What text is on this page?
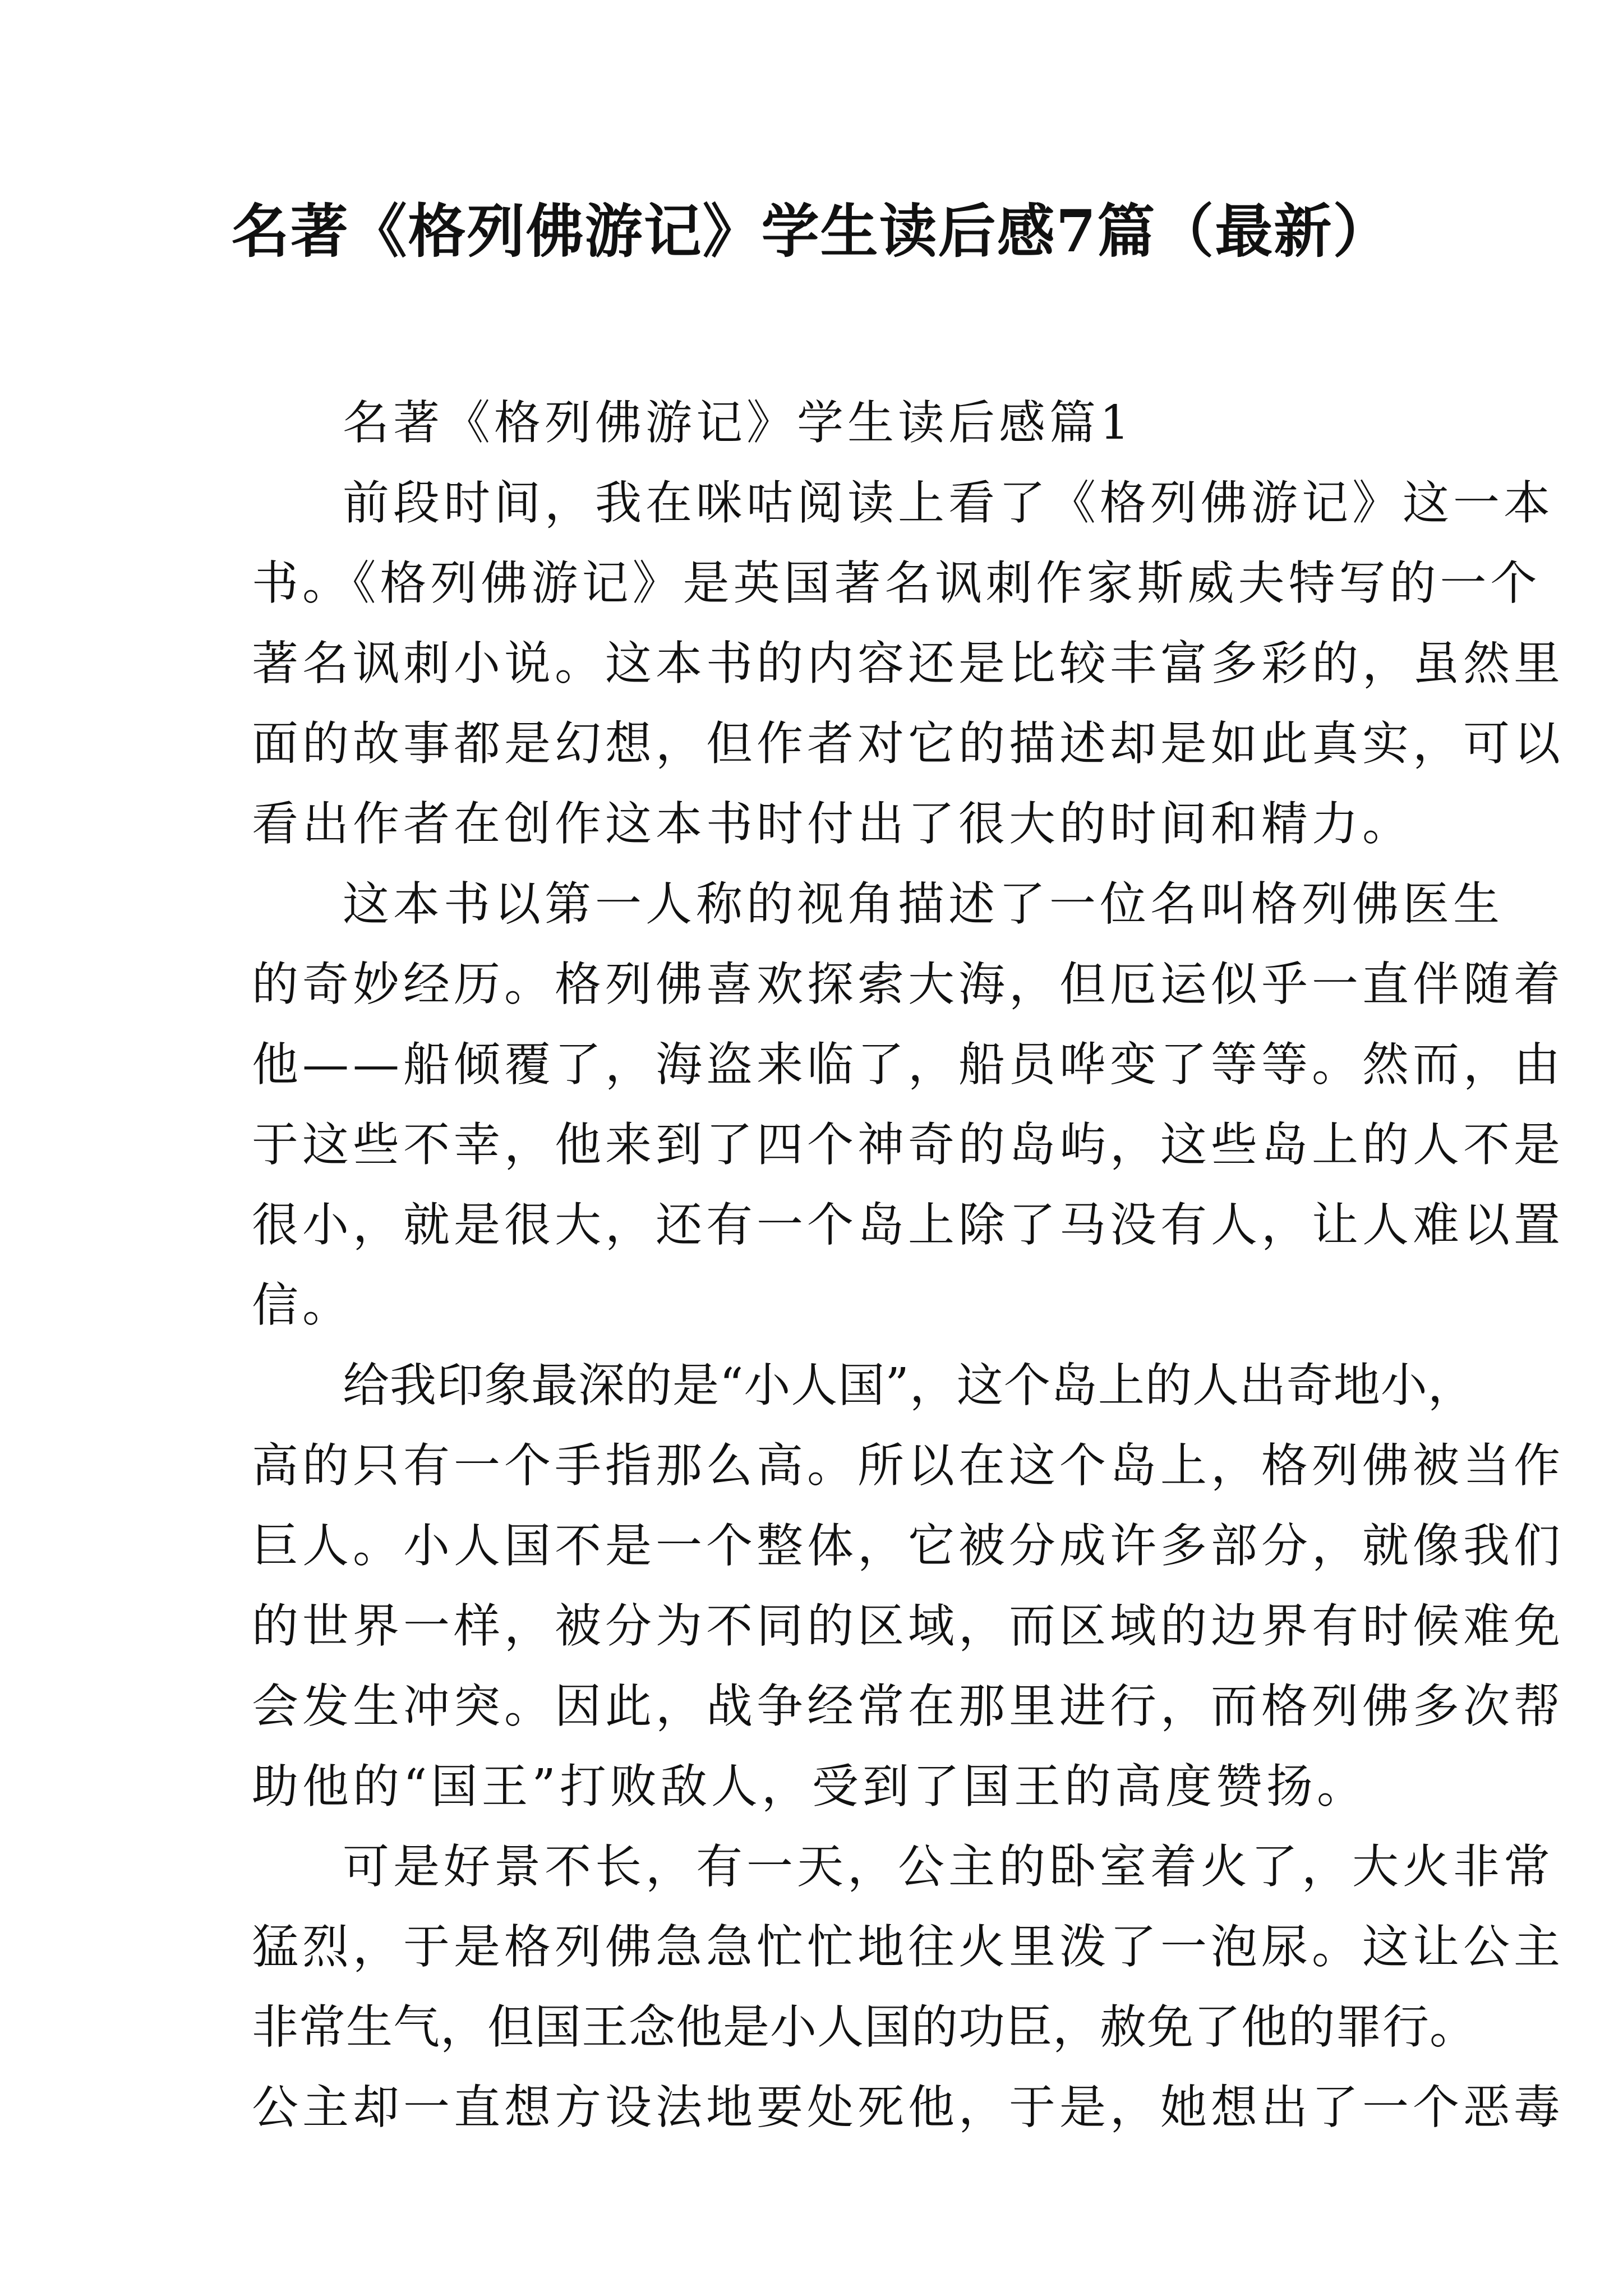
名著《格列佛游记》学生读后感7篇（最新）
名著《格列佛游记》学生读后感篇1
前段时间，我在咪咕阅读上看了《格列佛游记》这一本
书。《格列佛游记》是英国著名讽刺作家斯威夫特写的一个
著名讽刺小说。这本书的内容还是比较丰富多彩的，虽然里
面的故事都是幻想，但作者对它的描述却是如此真实，可以
看出作者在创作这本书时付出了很大的时间和精力。
这本书以第一人称的视角描述了一位名叫格列佛医生
的奇妙经历。格列佛喜欢探索大海，但厄运似乎一直伴随着
他——船倾覆了，海盗来临了，船员哗变了等等。然而，由
于这些不幸，他来到了四个神奇的岛屿，这些岛上的人不是
很小，就是很大，还有一个岛上除了马没有人，让人难以置
信。
给我印象最深的是“小人国”，这个岛上的人出奇地小，
高的只有一个手指那么高。所以在这个岛上，格列佛被当作
巨人。小人国不是一个整体，它被分成许多部分，就像我们
的世界一样，被分为不同的区域，而区域的边界有时候难免
会发生冲突。因此，战争经常在那里进行，而格列佛多次帮
助他的“国王”打败敌人，受到了国王的高度赞扬。
可是好景不长，有一天，公主的卧室着火了，大火非常
猛烈，于是格列佛急急忙忙地往火里泼了一泡尿。这让公主
非常生气，但国王念他是小人国的功臣，赦免了他的罪行。
公主却一直想方设法地要处死他，于是，她想出了一个恶毒
